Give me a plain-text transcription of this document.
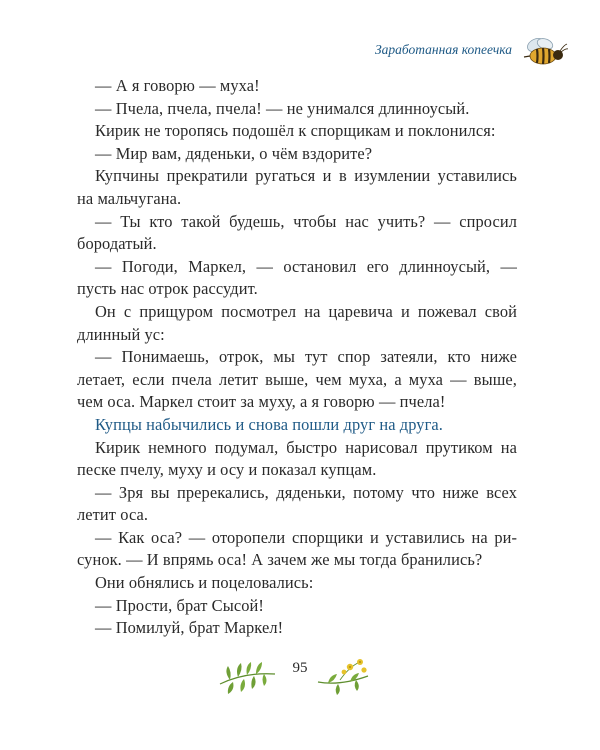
Заработанная копеечка

— А я говорю — муха!

— Пчела, пчела, пчела! — не унимался длинноусый.

Кирик не торопясь подошёл к спорщикам и поклонился:

— Мир вам, дяденьки, о чём вздорите?

Купчины прекратили ругаться и в изумлении уставились на мальчугана.

— Ты кто такой будешь, чтобы нас учить? — спросил бородатый.

— Погоди, Маркел, — остановил его длинноусый, — пусть нас отрок рассудит.

Он с прищуром посмотрел на царевича и пожевал свой длинный ус:

— Понимаешь, отрок, мы тут спор затеяли, кто ниже летает, если пчела летит выше, чем муха, а муха — выше, чем оса. Маркел стоит за муху, а я говорю — пчела!

Купцы набычились и снова пошли друг на друга.

Кирик немного подумал, быстро нарисовал прутиком на песке пчелу, муху и осу и показал купцам.

— Зря вы пререкались, дяденьки, потому что ниже всех летит оса.

— Как оса? — оторопели спорщики и уставились на рисунок. — И впрямь оса! А зачем же мы тогда бранились?

Они обнялись и поцеловались:

— Прости, брат Сысой!

— Помилуй, брат Маркел!

95
